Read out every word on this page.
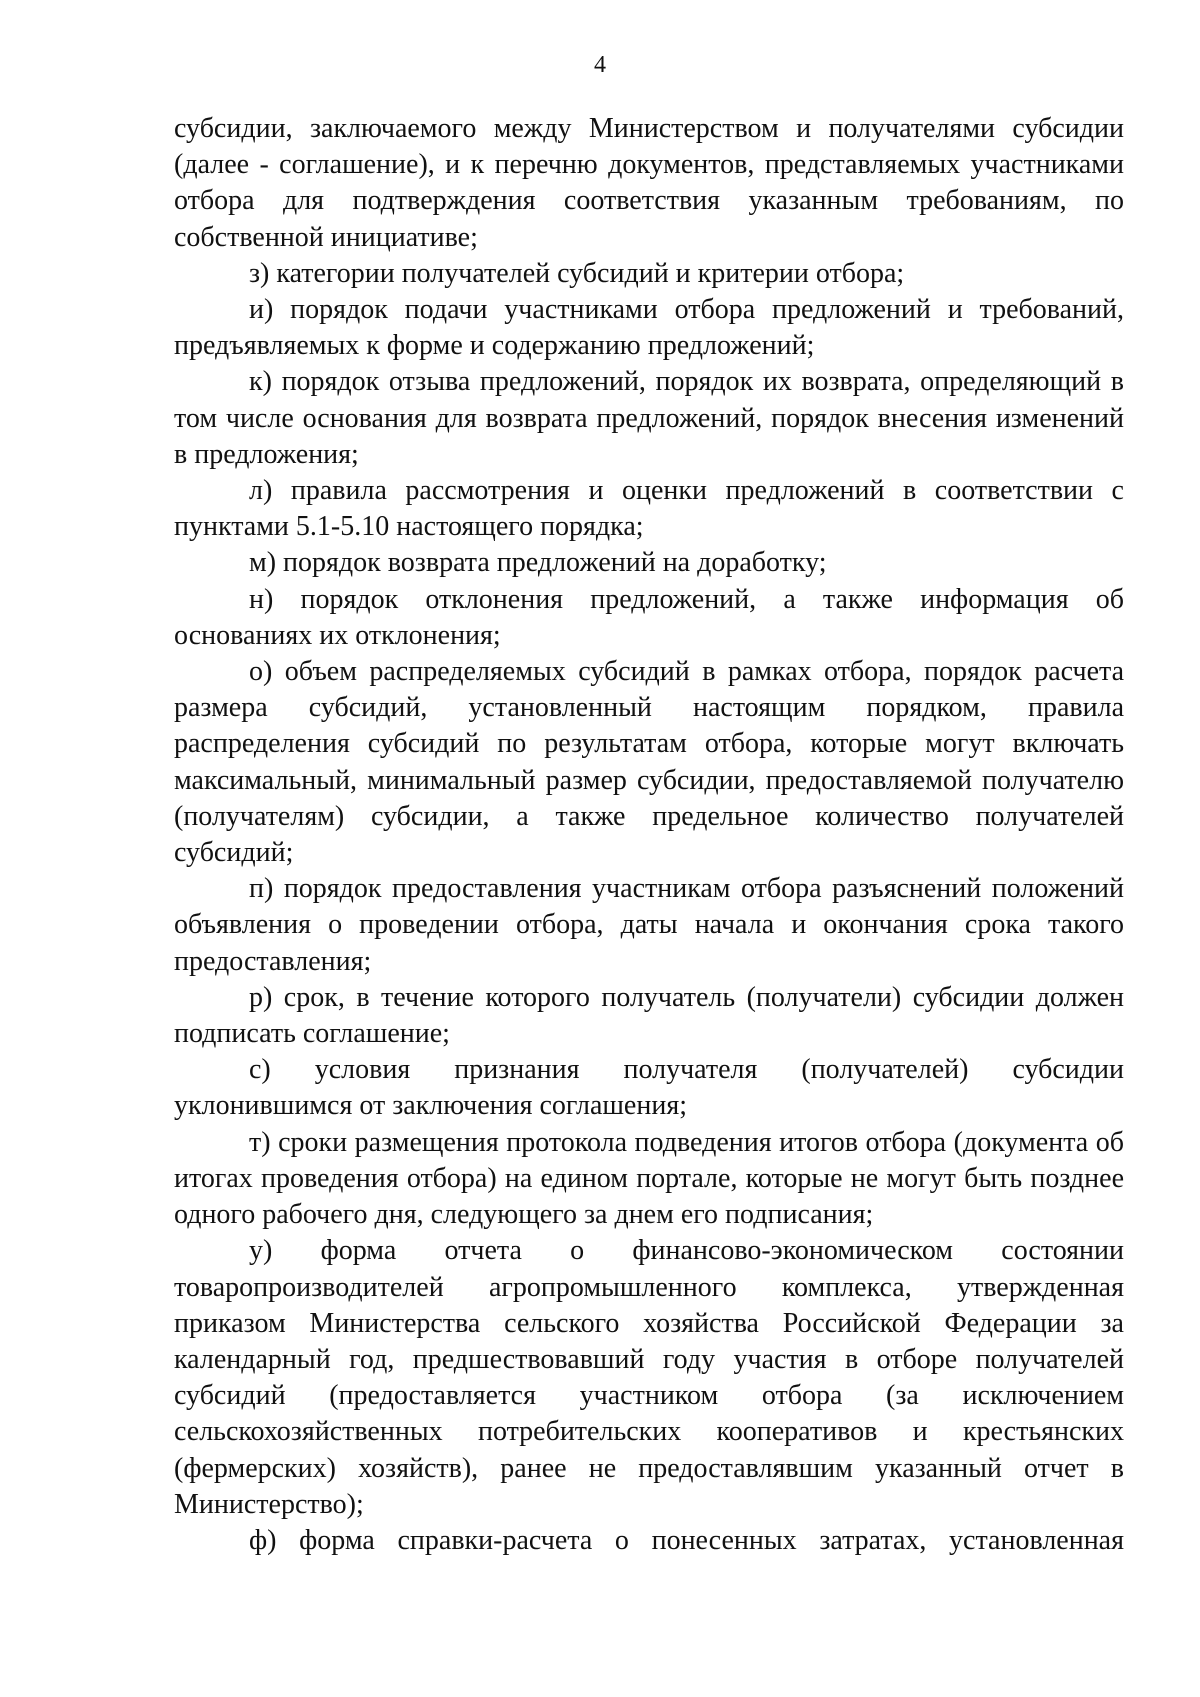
4

субсидии, заключаемого между Министерством и получателями субсидии (далее - соглашение), и к перечню документов, представляемых участниками отбора для подтверждения соответствия указанным требованиям, по собственной инициативе;

з) категории получателей субсидий и критерии отбора;

и) порядок подачи участниками отбора предложений и требований, предъявляемых к форме и содержанию предложений;

к) порядок отзыва предложений, порядок их возврата, определяющий в том числе основания для возврата предложений, порядок внесения изменений в предложения;

л) правила рассмотрения и оценки предложений в соответствии с пунктами 5.1-5.10 настоящего порядка;

м) порядок возврата предложений на доработку;

н) порядок отклонения предложений, а также информация об основаниях их отклонения;

о) объем распределяемых субсидий в рамках отбора, порядок расчета размера субсидий, установленный настоящим порядком, правила распределения субсидий по результатам отбора, которые могут включать максимальный, минимальный размер субсидии, предоставляемой получателю (получателям) субсидии, а также предельное количество получателей субсидий;

п) порядок предоставления участникам отбора разъяснений положений объявления о проведении отбора, даты начала и окончания срока такого предоставления;

р) срок, в течение которого получатель (получатели) субсидии должен подписать соглашение;

с) условия признания получателя (получателей) субсидии уклонившимся от заключения соглашения;

т) сроки размещения протокола подведения итогов отбора (документа об итогах проведения отбора) на едином портале, которые не могут быть позднее одного рабочего дня, следующего за днем его подписания;

у) форма отчета о финансово-экономическом состоянии товаропроизводителей агропромышленного комплекса, утвержденная приказом Министерства сельского хозяйства Российской Федерации за календарный год, предшествовавший году участия в отборе получателей субсидий (предоставляется участником отбора (за исключением сельскохозяйственных потребительских кооперативов и крестьянских (фермерских) хозяйств), ранее не предоставлявшим указанный отчет в Министерство);

ф) форма справки-расчета о понесенных затратах, установленная
